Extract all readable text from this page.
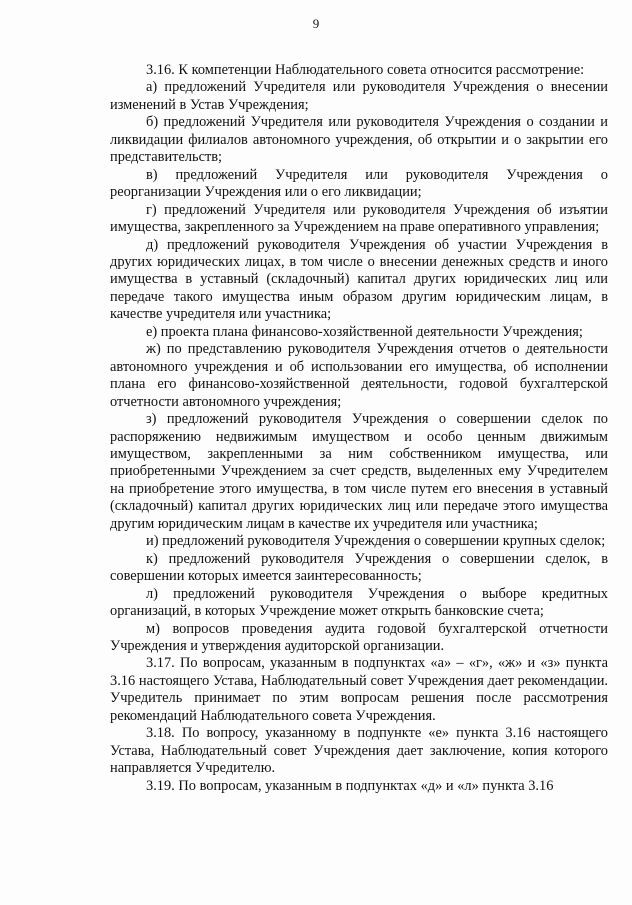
9

3.16. К компетенции Наблюдательного совета относится рассмотрение:

а) предложений Учредителя или руководителя Учреждения о внесении изменений в Устав Учреждения;

б) предложений Учредителя или руководителя Учреждения о создании и ликвидации филиалов автономного учреждения, об открытии и о закрытии его представительств;

в) предложений Учредителя или руководителя Учреждения о реорганизации Учреждения или о его ликвидации;

г) предложений Учредителя или руководителя Учреждения об изъятии имущества, закрепленного за Учреждением на праве оперативного управления;

д) предложений руководителя Учреждения об участии Учреждения в других юридических лицах, в том числе о внесении денежных средств и иного имущества в уставный (складочный) капитал других юридических лиц или передаче такого имущества иным образом другим юридическим лицам, в качестве учредителя или участника;

е) проекта плана финансово-хозяйственной деятельности Учреждения;

ж) по представлению руководителя Учреждения отчетов о деятельности автономного учреждения и об использовании его имущества, об исполнении плана его финансово-хозяйственной деятельности, годовой бухгалтерской отчетности автономного учреждения;

з) предложений руководителя Учреждения о совершении сделок по распоряжению недвижимым имуществом и особо ценным движимым имуществом, закрепленными за ним собственником имущества, или приобретенными Учреждением за счет средств, выделенных ему Учредителем на приобретение этого имущества, в том числе путем его внесения в уставный (складочный) капитал других юридических лиц или передаче этого имущества другим юридическим лицам в качестве их учредителя или участника;

и) предложений руководителя Учреждения о совершении крупных сделок;

к) предложений руководителя Учреждения о совершении сделок, в совершении которых имеется заинтересованность;

л) предложений руководителя Учреждения о выборе кредитных организаций, в которых Учреждение может открыть банковские счета;

м) вопросов проведения аудита годовой бухгалтерской отчетности Учреждения и утверждения аудиторской организации.

3.17. По вопросам, указанным в подпунктах «а» – «г», «ж» и «з» пункта 3.16 настоящего Устава, Наблюдательный совет Учреждения дает рекомендации. Учредитель принимает по этим вопросам решения после рассмотрения рекомендаций Наблюдательного совета Учреждения.

3.18. По вопросу, указанному в подпункте «е» пункта 3.16 настоящего Устава, Наблюдательный совет Учреждения дает заключение, копия которого направляется Учредителю.

3.19. По вопросам, указанным в подпунктах «д» и «л» пункта 3.16
